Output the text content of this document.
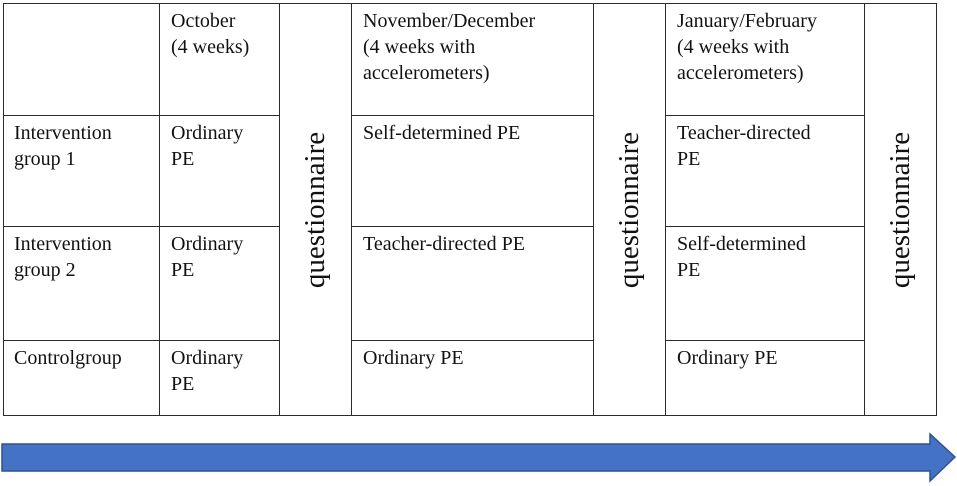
Intervention
group 1
Intervention
group 2
Controlgroup
October
(4 weeks)
Ordinary
PE
Ordinary
PE
Ordinary
PE
questionnaire
November/December
(4 weeks with
accelerometers)
Self-determined PE
Teacher-directed PE
Ordinary PE
questionnaire
January/February
(4 weeks with
accelerometers)
Teacher-directed
PE
Self-determined
PE
Ordinary PE
questionnaire
